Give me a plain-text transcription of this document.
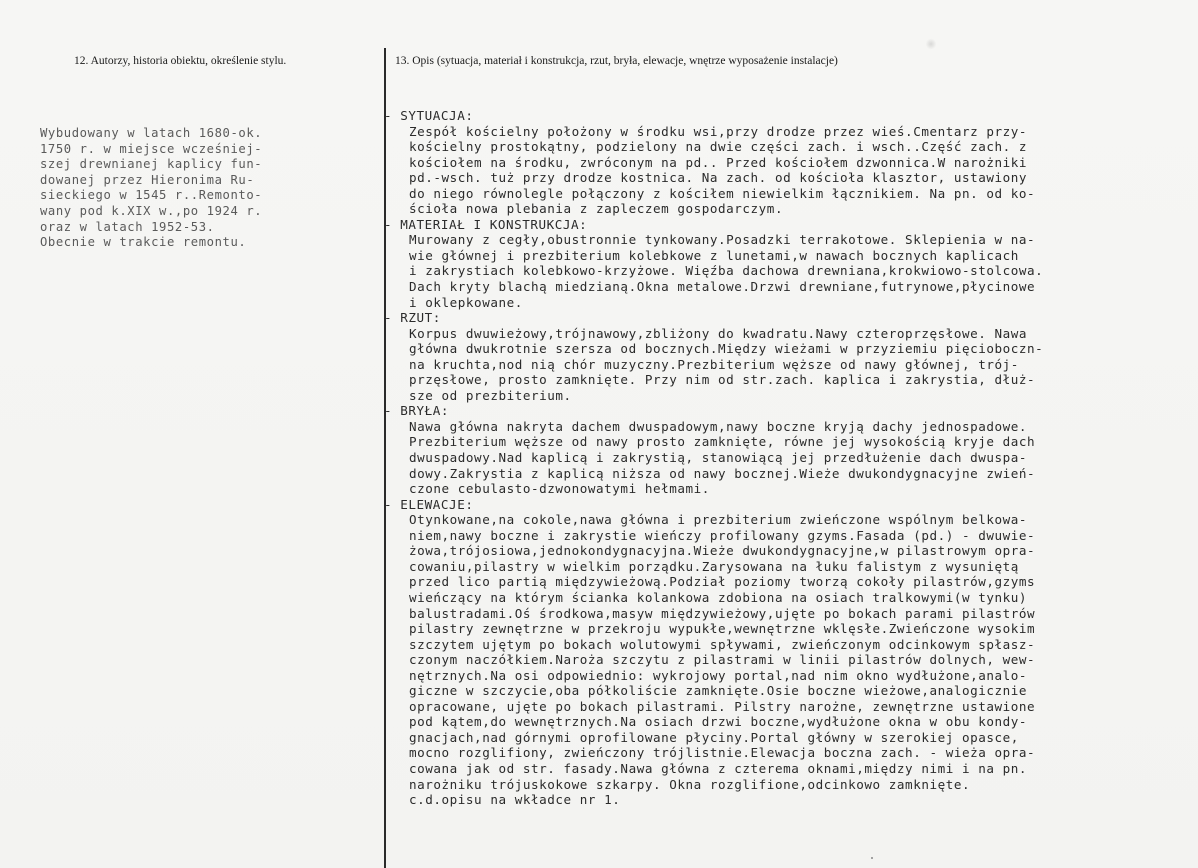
12. Autorzy, historia obiektu, określenie stylu.	13. Opis (sytuacja, materiał i konstrukcja, rzut, bryła, elewacje, wnętrze wyposażenie instalacje)
Wybudowany w latach 1680-ok.
1750 r. w miejsce wcześniej-
szej drewnianej kaplicy fun-
dowanej przez Hieronima Ru-
sieckiego w 1545 r..Remonto-
wany pod k.XIX w.,po 1924 r.
oraz w latach 1952-53.
Obecnie w trakcie remontu.
- SYTUACJA:
Zespół kościelny położony w środku wsi,przy drodze przez wieś.Cmentarz przy-
kościelny prostokątny, podzielony na dwie części zach. i wsch..Część zach. z
kościołem na środku, zwróconym na pd.. Przed kościołem dzwonnica.W narożniki
pd.-wsch. tuż przy drodze kostnica. Na zach. od kościoła klasztor, ustawiony
do niego równolegle połączony z kościłem niewielkim łącznikiem. Na pn. od ko-
ścioła nowa plebania z zapleczem gospodarczym.
- MATERIAŁ I KONSTRUKCJA:
Murowany z cegły,obustronnie tynkowany.Posadzki terrakotowe. Sklepienia w na-
wie głównej i prezbiterium kolebkowe z lunetami,w nawach bocznych kaplicach
i zakrystiach kolebkowo-krzyżowe. Więźba dachowa drewniana,krokwiowo-stolcowa.
Dach kryty blachą miedzianą.Okna metalowe.Drzwi drewniane,futrynowe,płycinowe
i oklepkowane.
- RZUT:
Korpus dwuwieżowy,trójnawowy,zbliżony do kwadratu.Nawy czteroprzęsłowe. Nawa
główna dwukrotnie szersza od bocznych.Między wieżami w przyziemiu pięcioboczn-
na kruchta,nod nią chór muzyczny.Prezbiterium węższe od nawy głównej, trój-
przęsłowe, prosto zamknięte. Przy nim od str.zach. kaplica i zakrystia, dłuż-
sze od prezbiterium.
- BRYŁA:
Nawa główna nakryta dachem dwuspadowym,nawy boczne kryją dachy jednospadowe.
Prezbiterium węższe od nawy prosto zamknięte, równe jej wysokością kryje dach
dwuspadowy.Nad kaplicą i zakrystią, stanowiącą jej przedłużenie dach dwuspa-
dowy.Zakrystia z kaplicą niższa od nawy bocznej.Wieże dwukondygnacyjne zwień-
czone cebulasto-dzwonowatymi hełmami.
- ELEWACJE:
Otynkowane,na cokole,nawa główna i prezbiterium zwieńczone wspólnym belkowa-
niem,nawy boczne i zakrystie wieńczy profilowany gzyms.Fasada (pd.) - dwuwie-
żowa,trójosiowa,jednokondygnacyjna.Wieże dwukondygnacyjne,w pilastrowym opra-
cowaniu,pilastry w wielkim porządku.Zarysowana na łuku falistym z wysuniętą
przed lico partią międzywieżową.Podział poziomy tworzą cokoły pilastrów,gzyms
wieńczący na którym ścianka kolankowa zdobiona na osiach tralkowymi(w tynku)
balustradami.Oś środkowa,masyw międzywieżowy,ujęte po bokach parami pilastrów
pilastry zewnętrzne w przekroju wypukłe,wewnętrzne wklęsłe.Zwieńczone wysokim
szczytem ujętym po bokach wolutowymi spływami, zwieńczonym odcinkowym spłasz-
czonym naczółkiem.Naroża szczytu z pilastrami w linii pilastrów dolnych, wew-
nętrznych.Na osi odpowiednio: wykrojowy portal,nad nim okno wydłużone,analo-
giczne w szczycie,oba półkoliście zamknięte.Osie boczne wieżowe,analogicznie
opracowane, ujęte po bokach pilastrami. Pilstry narożne, zewnętrzne ustawione
pod kątem,do wewnętrznych.Na osiach drzwi boczne,wydłużone okna w obu kondy-
gnacjach,nad górnymi oprofilowane płyciny.Portal główny w szerokiej opasce,
mocno rozglifiony, zwieńczony trójlistnie.Elewacja boczna zach. - wieża opra-
cowana jak od str. fasady.Nawa główna z czterema oknami,między nimi i na pn.
narożniku trójuskokowe szkarpy. Okna rozglifione,odcinkowo zamknięte.
c.d.opisu na wkładce nr 1.
